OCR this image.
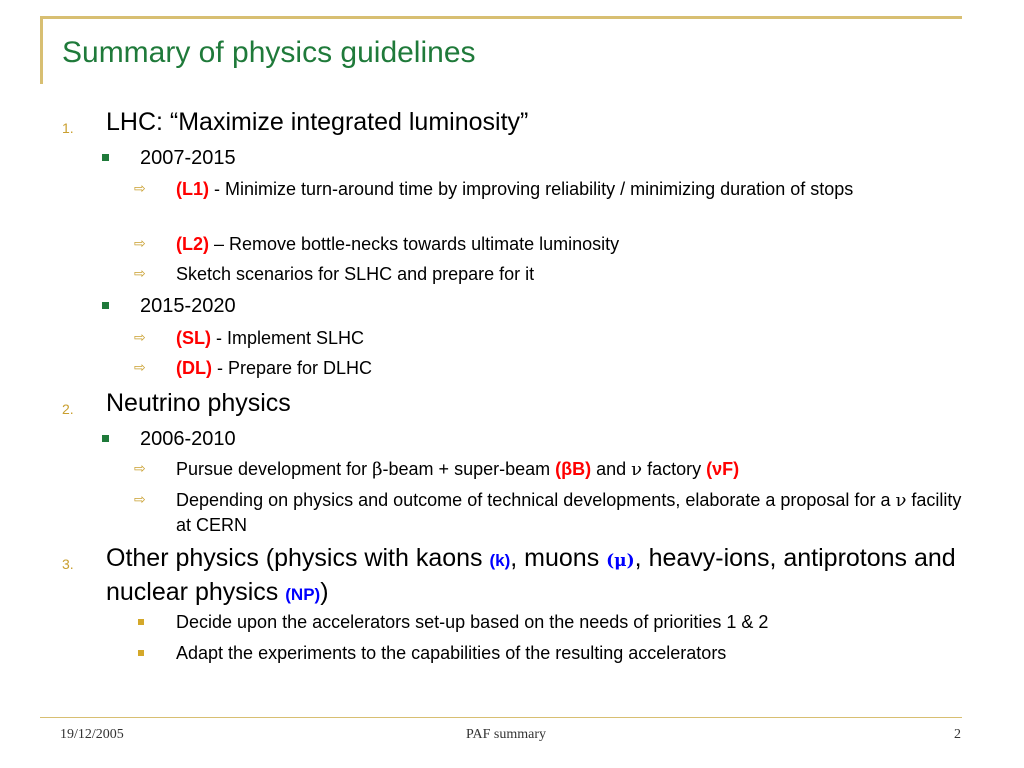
Summary of physics guidelines
1. LHC: “Maximize integrated luminosity”
2007-2015
⇨ (L1) - Minimize turn-around time by improving reliability / minimizing duration of stops
⇨ (L2) – Remove bottle-necks towards ultimate luminosity
⇨ Sketch scenarios for SLHC and prepare for it
2015-2020
⇨ (SL) - Implement SLHC
⇨ (DL) - Prepare for DLHC
2. Neutrino physics
2006-2010
⇨ Pursue development for β-beam + super-beam (βB) and ν factory (νF)
⇨ Depending on physics and outcome of technical developments, elaborate a proposal for a ν facility at CERN
3. Other physics (physics with kaons (k), muons (μ), heavy-ions, antiprotons and nuclear physics (NP))
Decide upon the accelerators set-up based on the needs of priorities 1 & 2
Adapt the experiments to the capabilities of the resulting accelerators
19/12/2005	PAF summary	2
